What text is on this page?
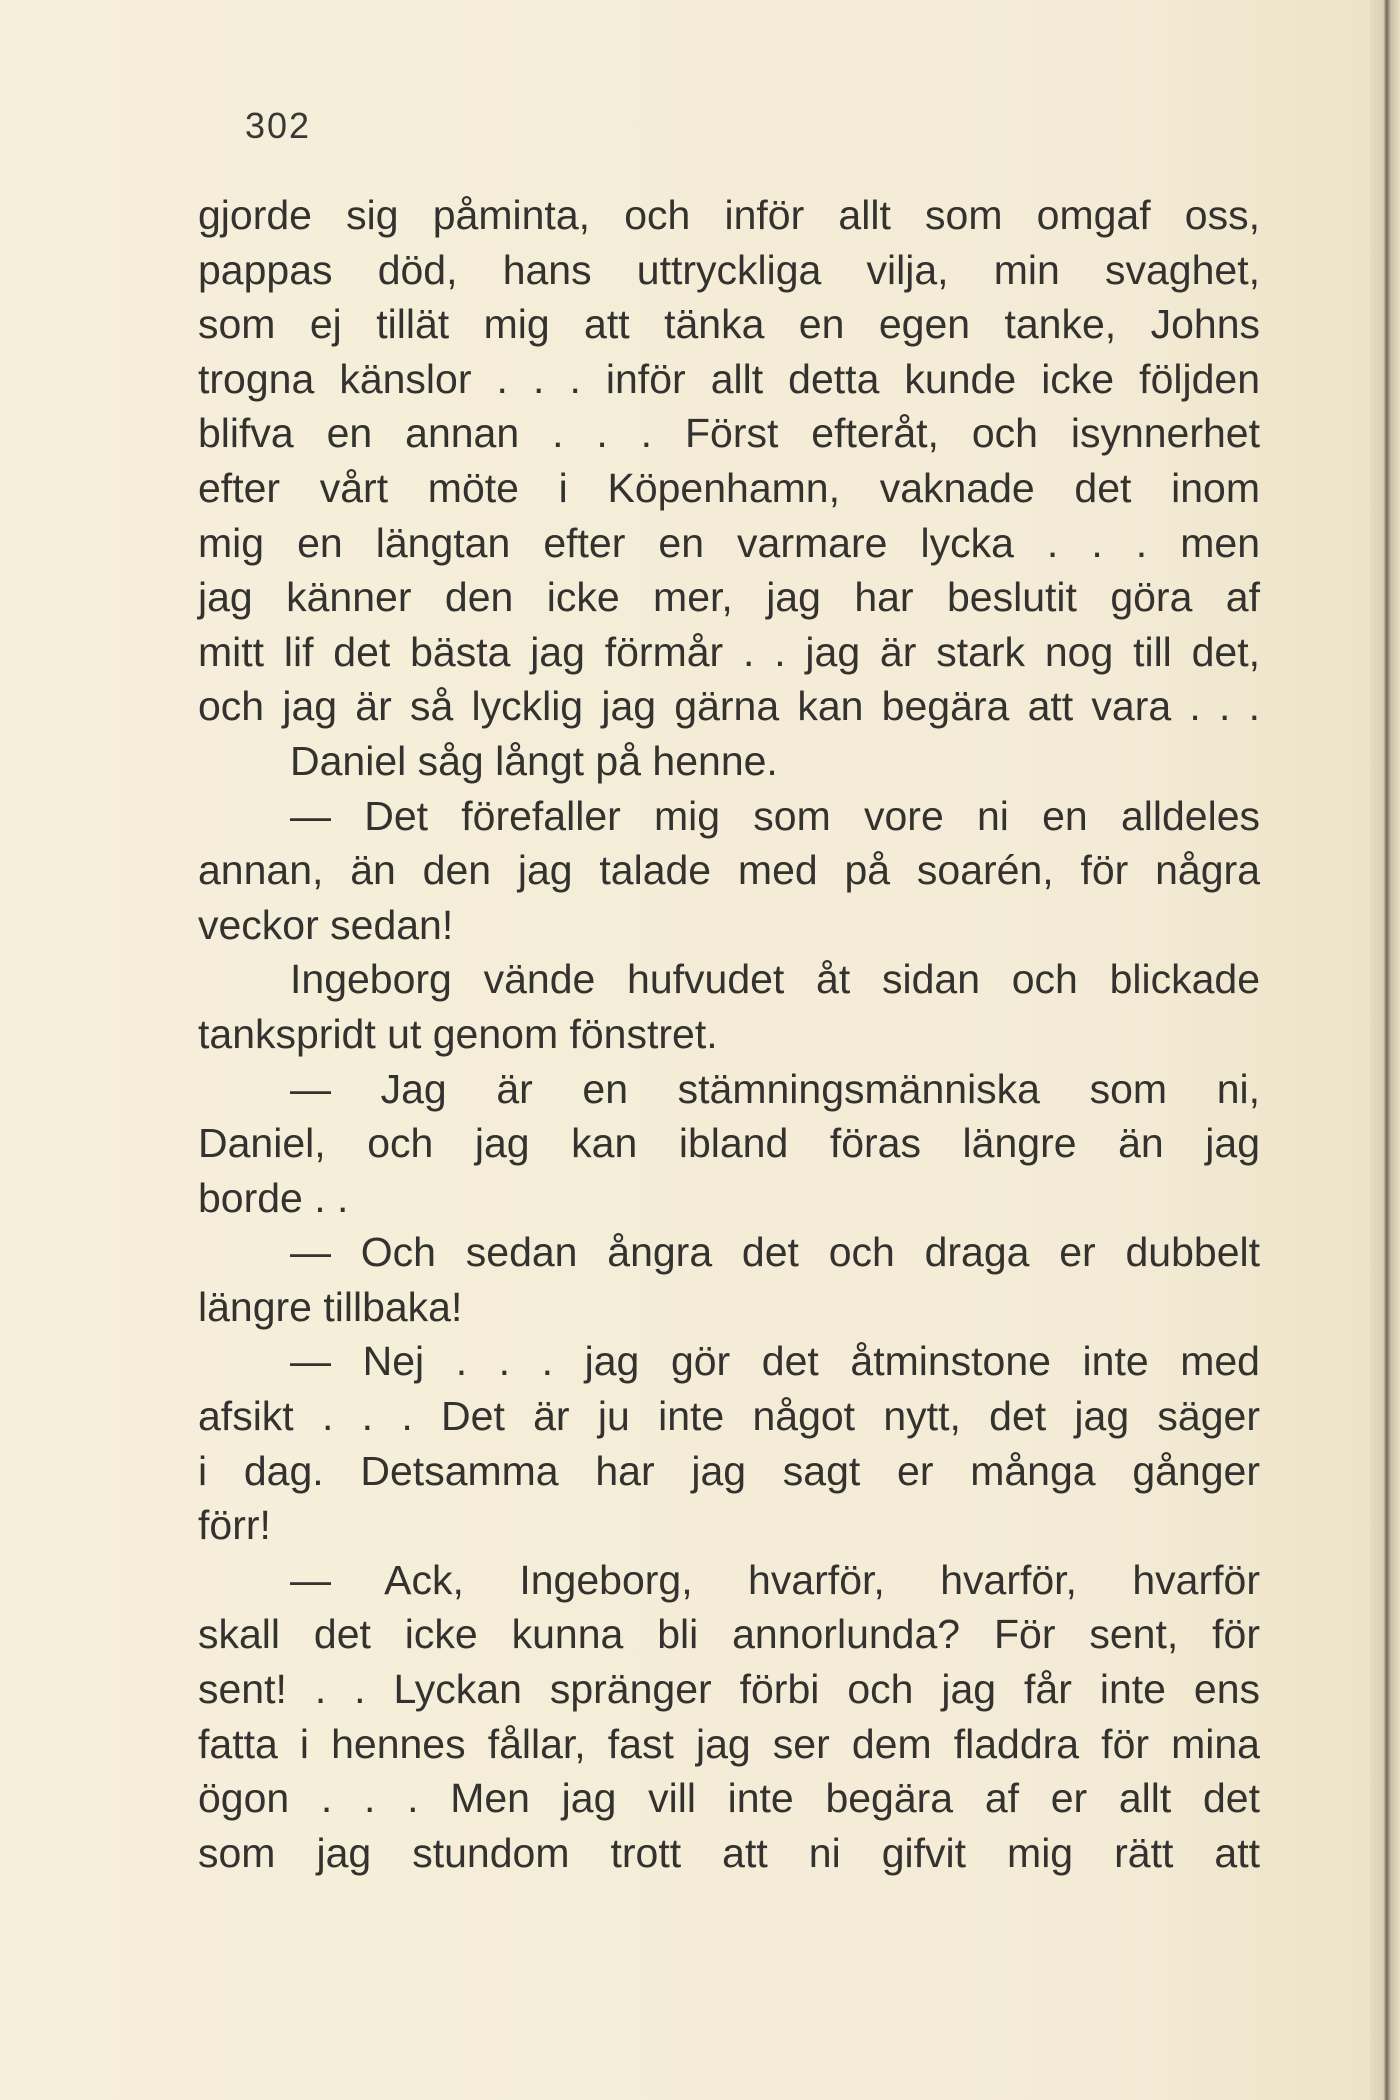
302

gjorde sig påminta, och inför allt som omgaf oss,
pappas död, hans uttryckliga vilja, min svaghet,
som ej tillät mig att tänka en egen tanke, Johns
trogna känslor . . . inför allt detta kunde icke följden
blifva en annan . . . Först efteråt, och isynnerhet
efter vårt möte i Köpenhamn, vaknade det inom
mig en längtan efter en varmare lycka . . . men
jag känner den icke mer, jag har beslutit göra af
mitt lif det bästa jag förmår . . jag är stark nog till det,
och jag är så lycklig jag gärna kan begära att vara . . .
Daniel såg långt på henne.
— Det förefaller mig som vore ni en alldeles
annan, än den jag talade med på soarén, för några
veckor sedan!
Ingeborg vände hufvudet åt sidan och blickade
tankspridt ut genom fönstret.
— Jag är en stämningsmänniska som ni,
Daniel, och jag kan ibland föras längre än jag
borde . .
— Och sedan ångra det och draga er dubbelt
längre tillbaka!
— Nej . . . jag gör det åtminstone inte med
afsikt . . . Det är ju inte något nytt, det jag säger
i dag. Detsamma har jag sagt er många gånger
förr!
— Ack, Ingeborg, hvarför, hvarför, hvarför
skall det icke kunna bli annorlunda? För sent, för
sent! . . Lyckan spränger förbi och jag får inte ens
fatta i hennes fållar, fast jag ser dem fladdra för mina
ögon . . . Men jag vill inte begära af er allt det
som jag stundom trott att ni gifvit mig rätt att
